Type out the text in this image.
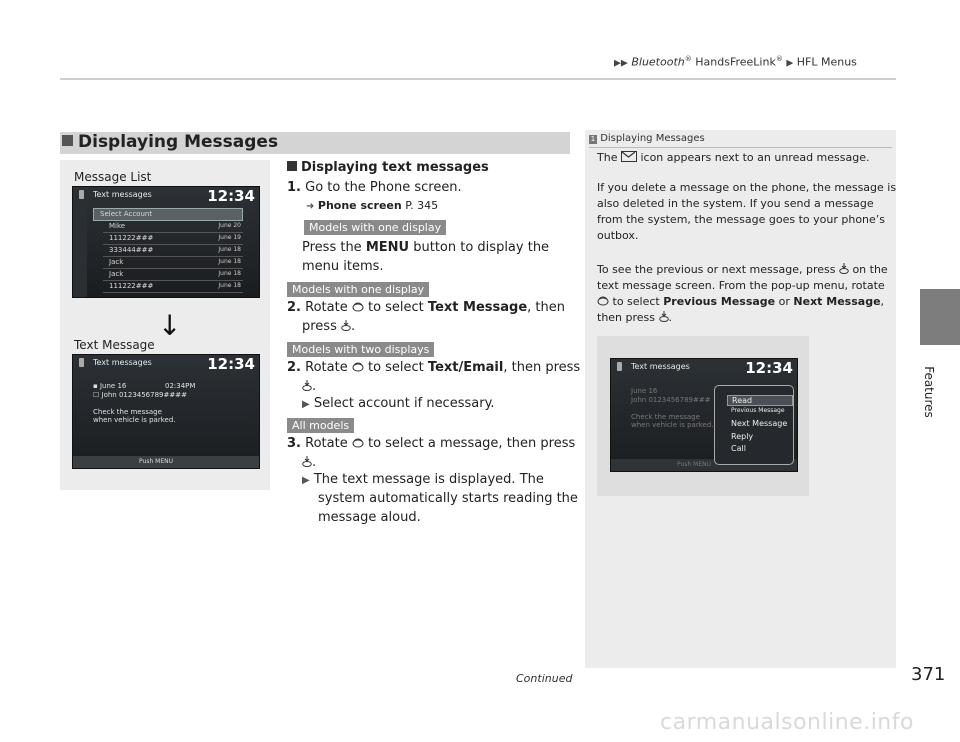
▶▶ Bluetooth® HandsFreeLink® ▶ HFL Menus
Features
Displaying Messages
Message List
Text messages	12:34
Select Account
Mike	June 20
111222###	June 19
333444###	June 18
Jack	June 18
Jack	June 18
111222###	June 18
↓
Text Message
Text messages	12:34
▪ June 16	02:34PM
☐ John 0123456789####
Check the message
when vehicle is parked.
Push MENU
Displaying text messages
1. Go to the Phone screen.
➜ Phone screen P. 345
Models with one display
Press the MENU button to display the
menu items.
Models with one display
2. Rotate to select Text Message, then
press .
Models with two displays
2. Rotate to select Text/Email, then press
.
▶ Select account if necessary.
All models
3. Rotate to select a message, then press
.
▶ The text message is displayed. The
system automatically starts reading the
message aloud.
1 Displaying Messages
The icon appears next to an unread message.
If you delete a message on the phone, the message is
also deleted in the system. If you send a message
from the system, the message goes to your phone’s
outbox.
To see the previous or next message, press on the
text message screen. From the pop-up menu, rotate
to select Previous Message or Next Message,
then press .
Text messages	12:34
June 16
John 0123456789###
Check the message
when vehicle is parked.
Push MENU
Read
Previous Message
Next Message
Reply
Call
Continued	371
carmanualsonline.info
